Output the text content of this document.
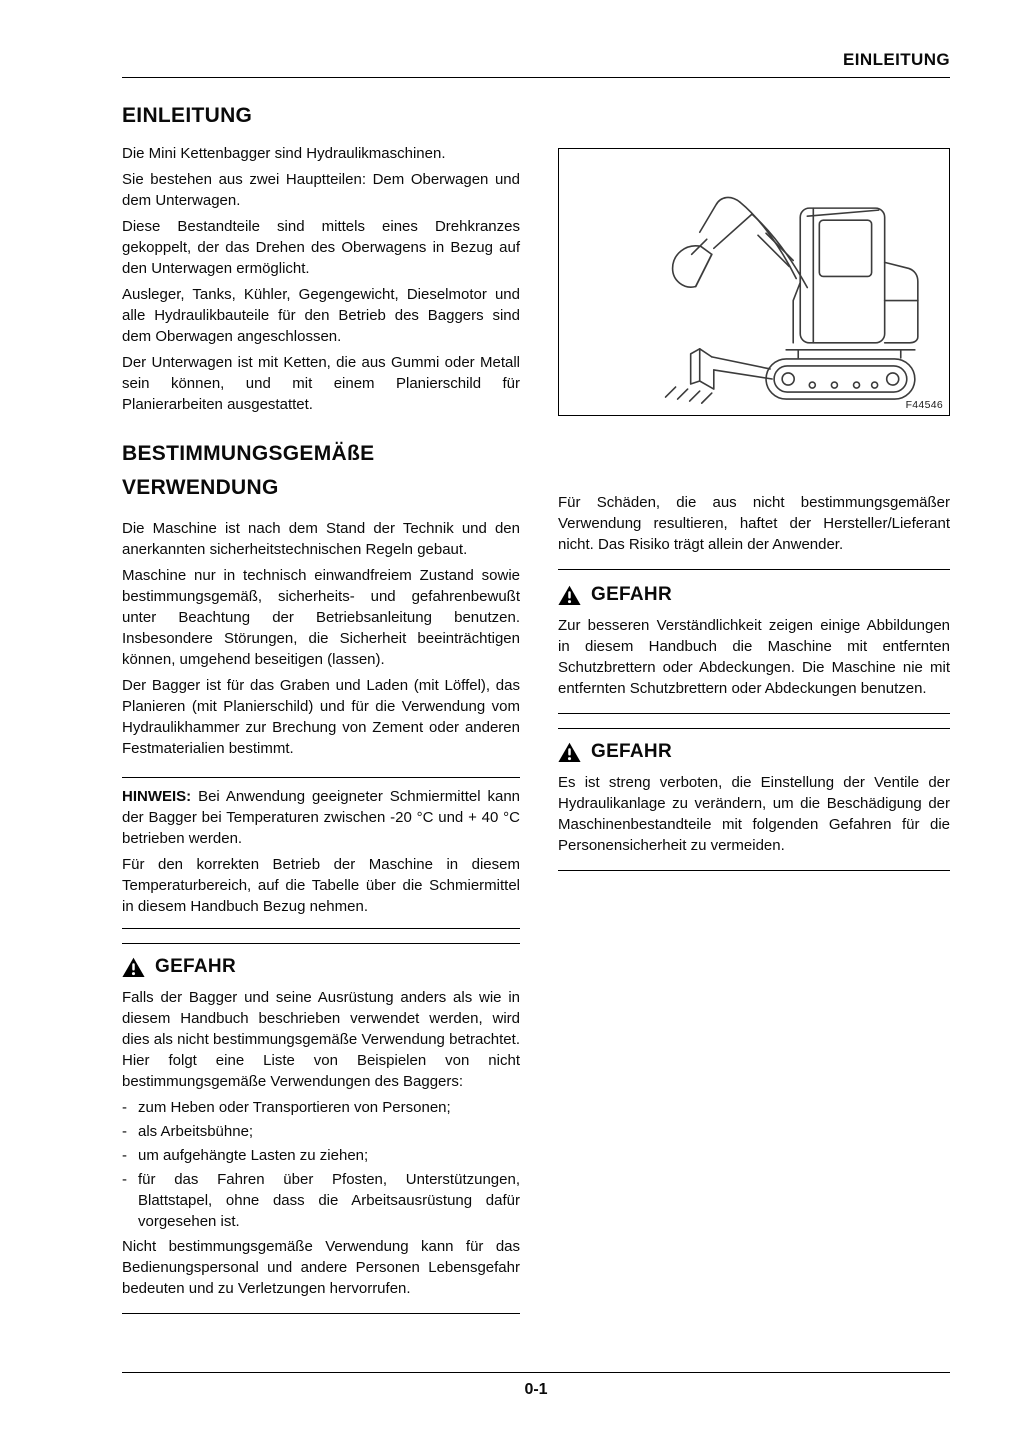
EINLEITUNG
EINLEITUNG

Die Mini Kettenbagger sind Hydraulikmaschinen.

Sie bestehen aus zwei Hauptteilen: Dem Oberwagen und dem Unterwagen.

Diese Bestandteile sind mittels eines Drehkranzes gekoppelt, der das Drehen des Oberwagens in Bezug auf den Unterwagen ermöglicht.

Ausleger, Tanks, Kühler, Gegengewicht, Dieselmotor und alle Hydraulikbauteile für den Betrieb des Baggers sind dem Oberwagen angeschlossen.

Der Unterwagen ist mit Ketten, die aus Gummi oder Metall sein können, und mit einem Planierschild für Planierarbeiten ausgestattet.

BESTIMMUNGSGEMÄßE
VERWENDUNG

Die Maschine ist nach dem Stand der Technik und den anerkannten sicherheitstechnischen Regeln gebaut.

Maschine nur in technisch einwandfreiem Zustand sowie bestimmungsgemäß, sicherheits- und gefahrenbewußt unter Beachtung der Betriebsanleitung benutzen. Insbesondere Störungen, die Sicherheit beeinträchtigen können, umgehend beseitigen (lassen).

Der Bagger ist für das Graben und Laden (mit Löffel), das Planieren (mit Planierschild) und für die Verwendung vom Hydraulikhammer zur Brechung von Zement oder anderen Festmaterialien bestimmt.

HINWEIS: Bei Anwendung geeigneter Schmiermittel kann der Bagger bei Temperaturen zwischen -20 °C und + 40 °C betrieben werden.

Für den korrekten Betrieb der Maschine in diesem Temperaturbereich, auf die Tabelle über die Schmiermittel in diesem Handbuch Bezug nehmen.

GEFAHR

Falls der Bagger und seine Ausrüstung anders als wie in diesem Handbuch beschrieben verwendet werden, wird dies als nicht bestimmungsgemäße Verwendung betrachtet. Hier folgt eine Liste von Beispielen von nicht bestimmungsgemäße Verwendungen des Baggers:

- zum Heben oder Transportieren von Personen;
- als Arbeitsbühne;
- um aufgehängte Lasten zu ziehen;
- für das Fahren über Pfosten, Unterstützungen, Blattstapel, ohne dass die Arbeitsausrüstung dafür vorgesehen ist.

Nicht bestimmungsgemäße Verwendung kann für das Bedienungspersonal und andere Personen Lebensgefahr bedeuten und zu Verletzungen hervorrufen.

F44546

Für Schäden, die aus nicht bestimmungsgemäßer Verwendung resultieren, haftet der Hersteller/Lieferant nicht. Das Risiko trägt allein der Anwender.

GEFAHR

Zur besseren Verständlichkeit zeigen einige Abbildungen in diesem Handbuch die Maschine mit entfernten Schutzbrettern oder Abdeckungen. Die Maschine nie mit entfernten Schutzbrettern oder Abdeckungen benutzen.

GEFAHR

Es ist streng verboten, die Einstellung der Ventile der Hydraulikanlage zu verändern, um die Beschädigung der Maschinenbestandteile mit folgenden Gefahren für die Personensicherheit zu vermeiden.

0-1
